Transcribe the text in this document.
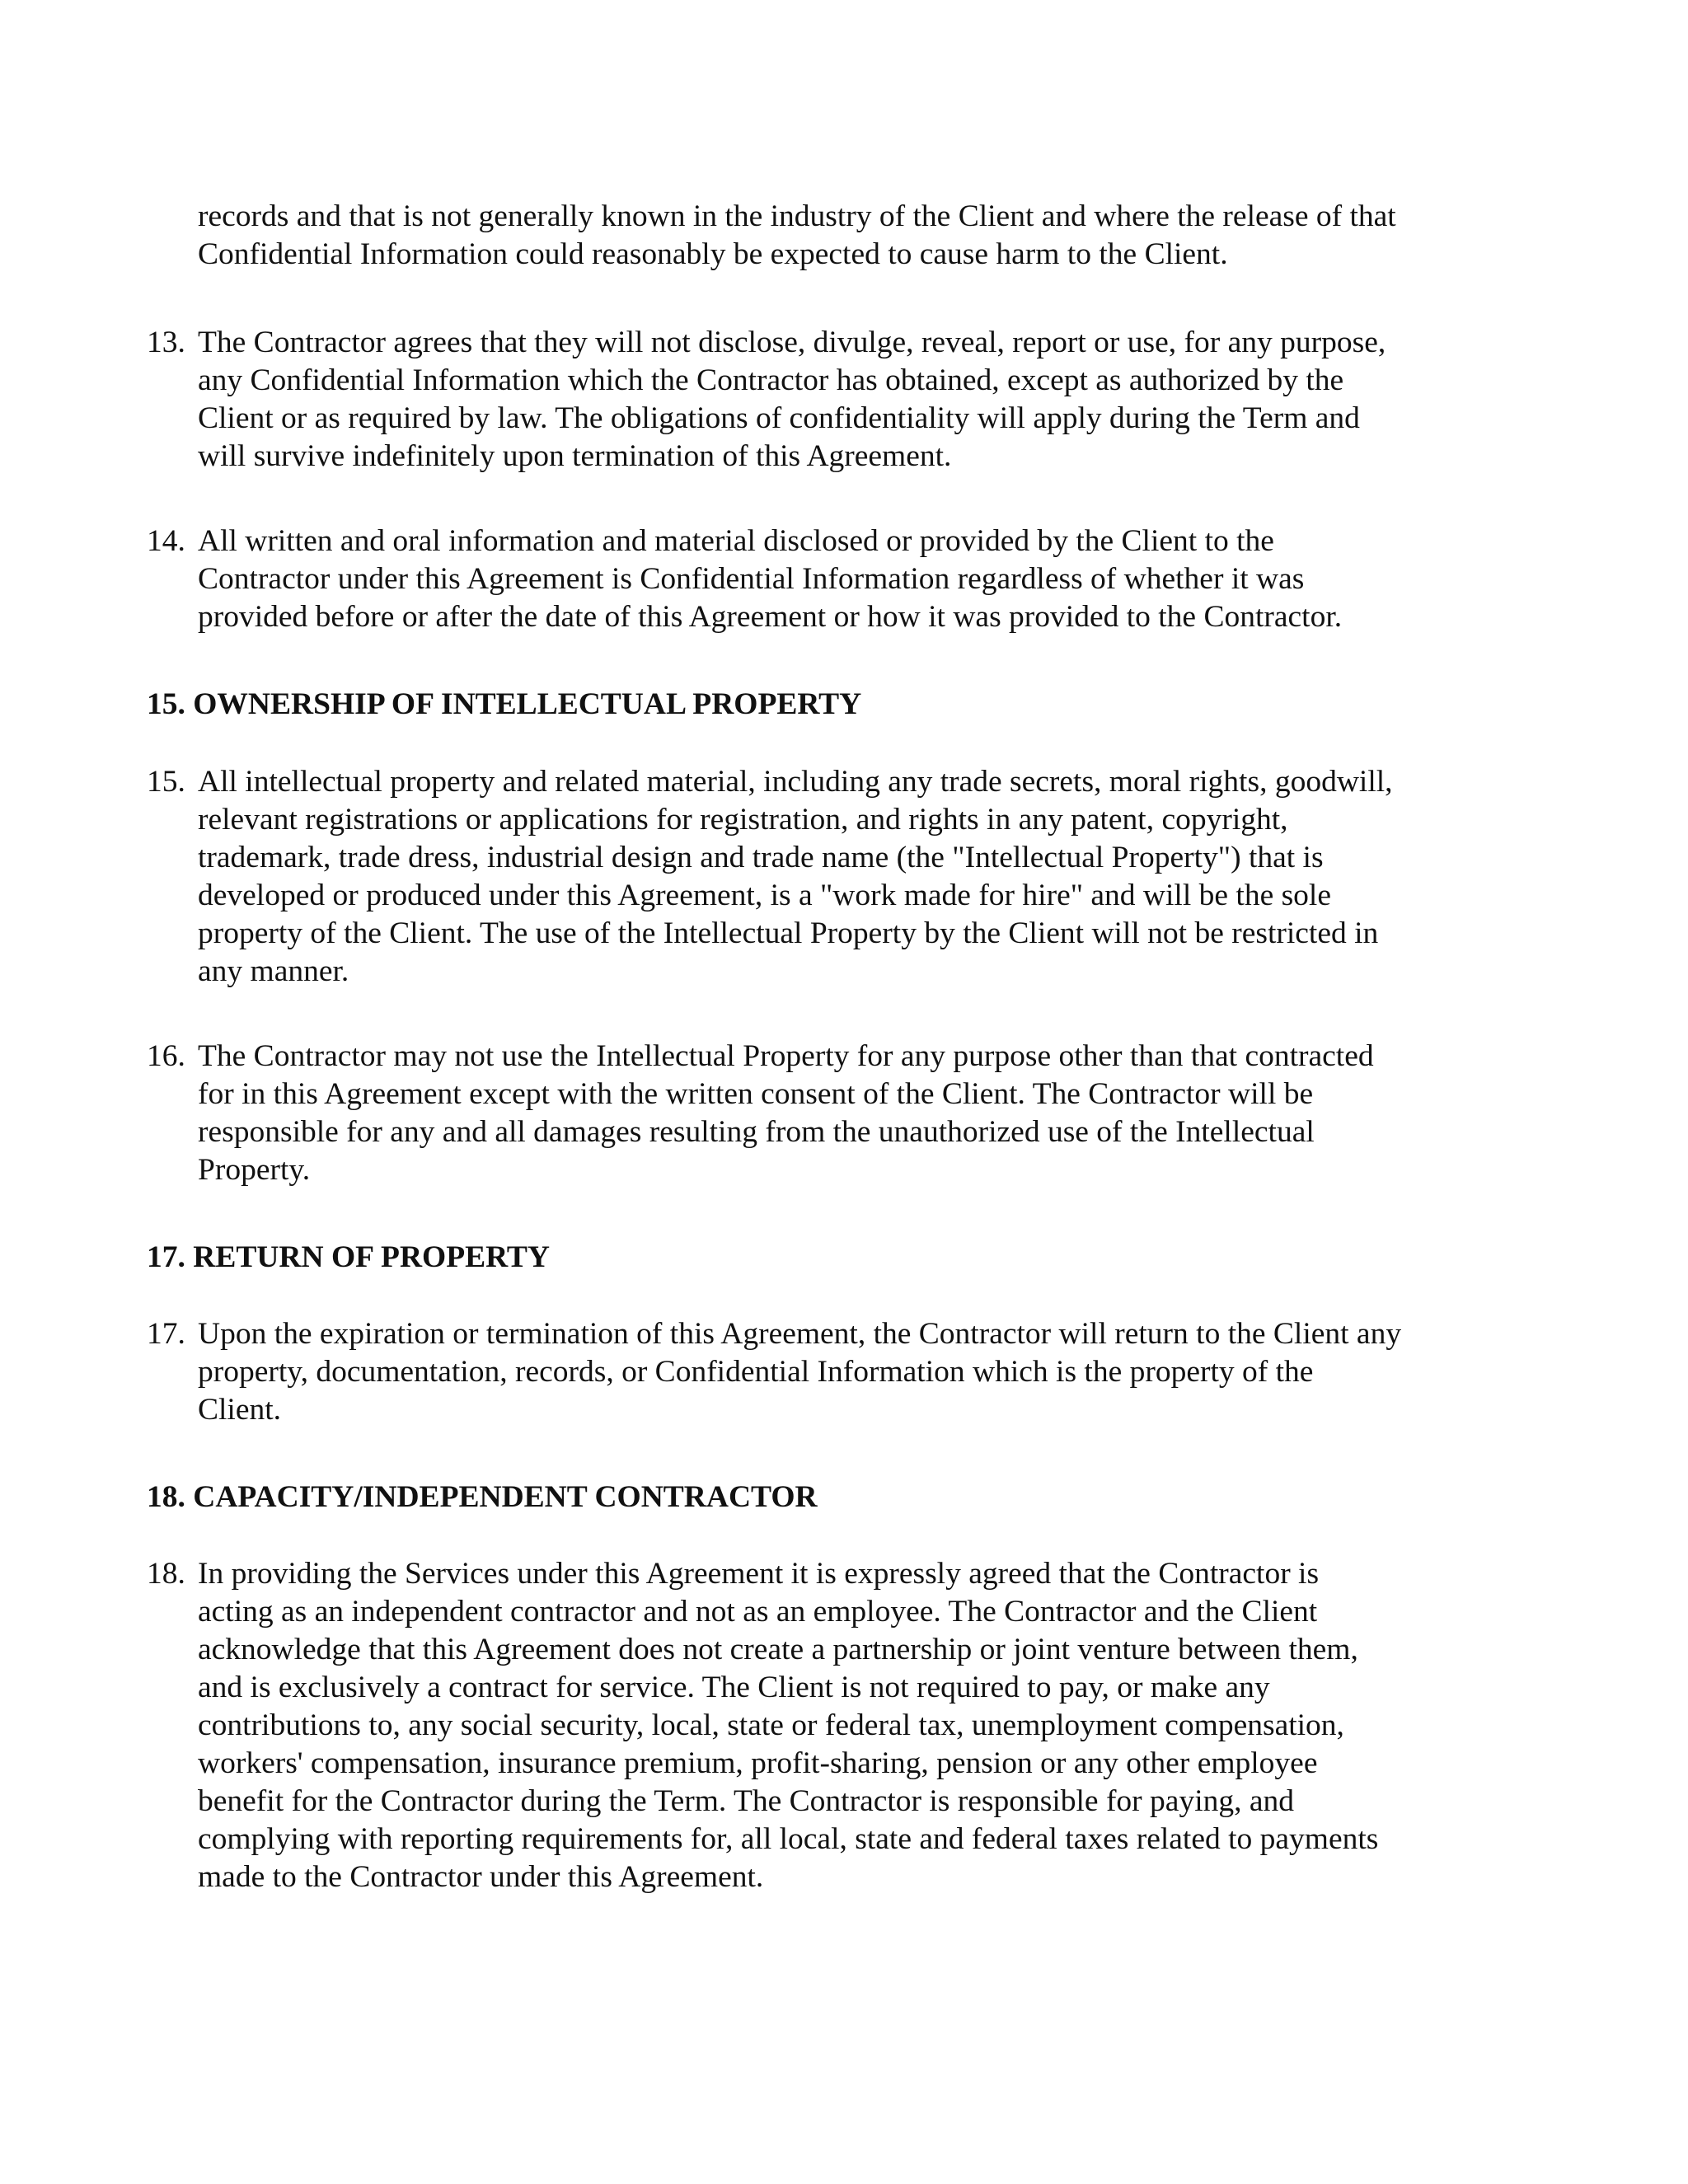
records and that is not generally known in the industry of the Client and where the release of that
Confidential Information could reasonably be expected to cause harm to the Client.
13. The Contractor agrees that they will not disclose, divulge, reveal, report or use, for any purpose,
any Confidential Information which the Contractor has obtained, except as authorized by the
Client or as required by law. The obligations of confidentiality will apply during the Term and
will survive indefinitely upon termination of this Agreement.
14. All written and oral information and material disclosed or provided by the Client to the
Contractor under this Agreement is Confidential Information regardless of whether it was
provided before or after the date of this Agreement or how it was provided to the Contractor.
15. OWNERSHIP OF INTELLECTUAL PROPERTY
15. All intellectual property and related material, including any trade secrets, moral rights, goodwill,
relevant registrations or applications for registration, and rights in any patent, copyright,
trademark, trade dress, industrial design and trade name (the "Intellectual Property") that is
developed or produced under this Agreement, is a "work made for hire" and will be the sole
property of the Client. The use of the Intellectual Property by the Client will not be restricted in
any manner.
16. The Contractor may not use the Intellectual Property for any purpose other than that contracted
for in this Agreement except with the written consent of the Client. The Contractor will be
responsible for any and all damages resulting from the unauthorized use of the Intellectual
Property.
17. RETURN OF PROPERTY
17. Upon the expiration or termination of this Agreement, the Contractor will return to the Client any
property, documentation, records, or Confidential Information which is the property of the
Client.
18. CAPACITY/INDEPENDENT CONTRACTOR
18. In providing the Services under this Agreement it is expressly agreed that the Contractor is
acting as an independent contractor and not as an employee. The Contractor and the Client
acknowledge that this Agreement does not create a partnership or joint venture between them,
and is exclusively a contract for service. The Client is not required to pay, or make any
contributions to, any social security, local, state or federal tax, unemployment compensation,
workers' compensation, insurance premium, profit-sharing, pension or any other employee
benefit for the Contractor during the Term. The Contractor is responsible for paying, and
complying with reporting requirements for, all local, state and federal taxes related to payments
made to the Contractor under this Agreement.
